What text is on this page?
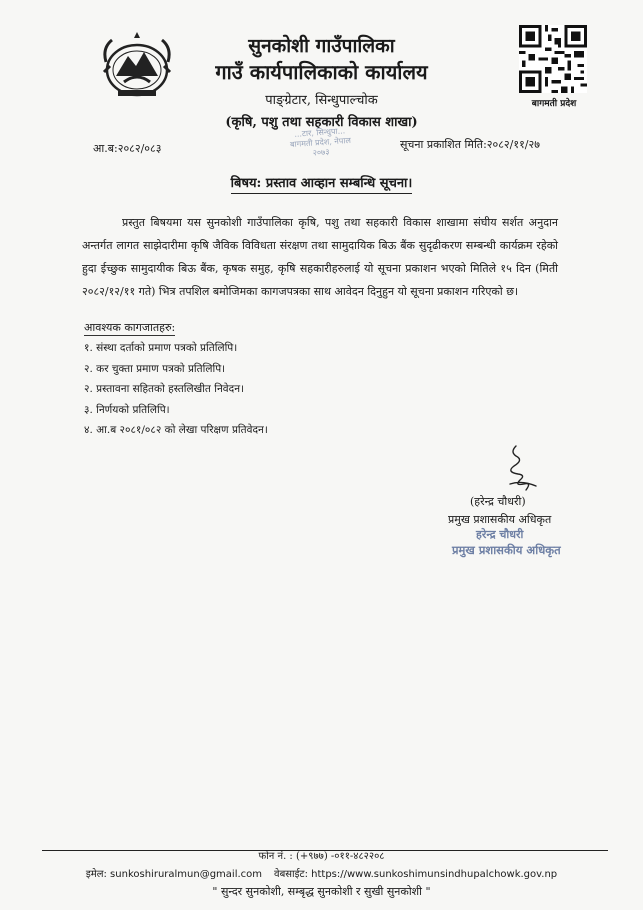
सुनकोशी गाउँपालिका
गाउँ कार्यपालिकाको कार्यालय
पाङ्ग्रेटार, सिन्धुपाल्चोक
(कृषि, पशु तथा सहकारी विकास शाखा)
बागमती प्रदेश
...टार, सिन्धुपा...
बागमती प्रदेश, नेपाल
२०७३
आ.ब:२०८२/०८३	सूचना प्रकाशित मिति:२०८२/११/२७
बिषय: प्रस्ताव आव्हान सम्बन्धि सूचना।
प्रस्तुत बिषयमा यस सुनकोशी गाउँपालिका कृषि, पशु तथा सहकारी विकास शाखामा संघीय सर्शत अनुदान अन्तर्गत लागत साझेदारीमा कृषि जैविक विविधता संरक्षण तथा सामुदायिक बिऊ बैंक सुदृढीकरण सम्बन्धी कार्यक्रम रहेको हुदा ईच्छुक सामुदायीक बिऊ बैंक, कृषक समुह, कृषि सहकारीहरुलाई यो सूचना प्रकाशन भएको मितिले १५ दिन (मिती २०८२/१२/११ गते) भित्र तपशिल बमोजिमका कागजपत्रका साथ आवेदन दिनुहुन यो सूचना प्रकाशन गरिएको छ।
आवश्यक कागजातहरु:
१. संस्था दर्ताको प्रमाण पत्रको प्रतिलिपि।
२. कर चुक्ता प्रमाण पत्रको प्रतिलिपि।
२. प्रस्तावना सहितको हस्तलिखीत निवेदन।
३. निर्णयको प्रतिलिपि।
४. आ.ब २०८१/०८२ को लेखा परिक्षण प्रतिवेदन।
(हरेन्द्र चौधरी)
प्रमुख प्रशासकीय अधिकृत
हरेन्द्र चौधरी
प्रमुख प्रशासकीय अधिकृत
फोन नं. : (+९७७) -०११-४८२२०८
इमेल: sunkoshiruralmun@gmail.com वेबसाईट: https://www.sunkoshimunsindhupalchowk.gov.np
" सुन्दर सुनकोशी, सम्बृद्ध सुनकोशी र सुखी सुनकोशी "
